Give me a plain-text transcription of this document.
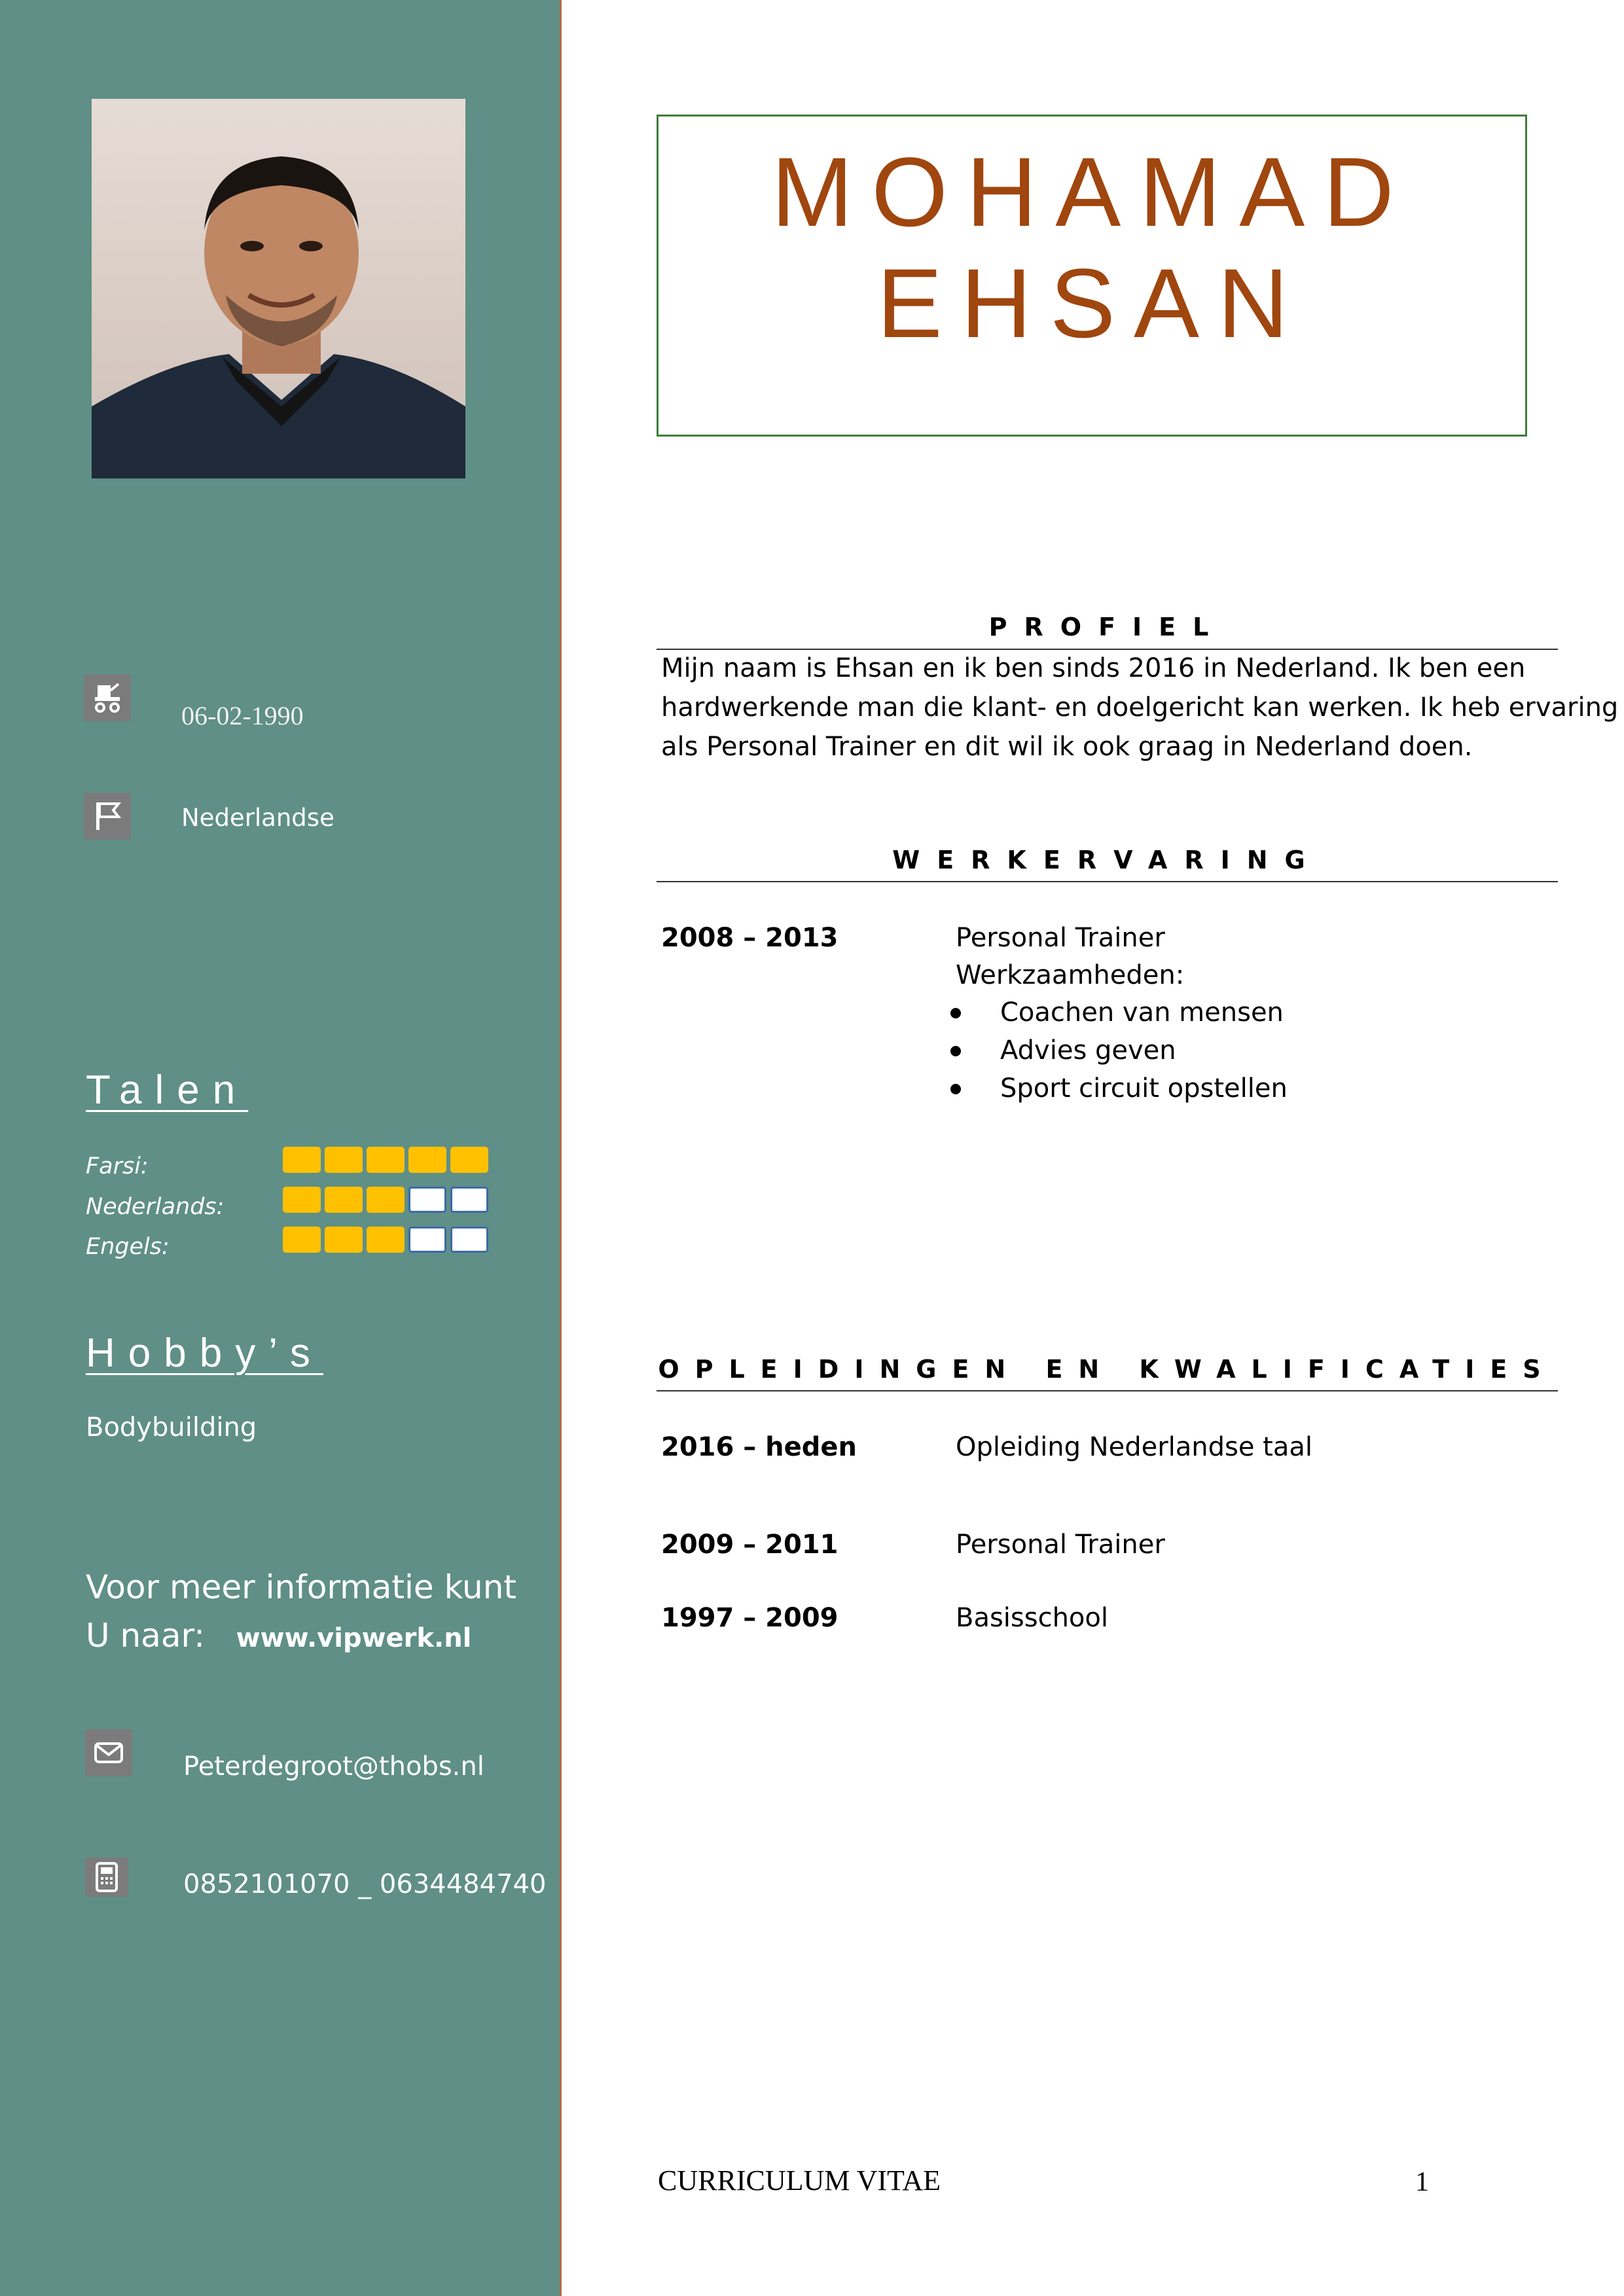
06-02-1990
Nederlandse
Talen
Farsi:
Nederlands:
Engels:
Hobby’s
Bodybuilding
Voor meer informatie kunt
U naar: www.vipwerk.nl
Peterdegroot@thobs.nl
0852101070 _ 0634484740
MOHAMAD
EHSAN
PROFIEL
Mijn naam is Ehsan en ik ben sinds 2016 in Nederland. Ik ben een
hardwerkende man die klant- en doelgericht kan werken. Ik heb ervaring
als Personal Trainer en dit wil ik ook graag in Nederland doen.
WERKERVARING
2008 – 2013	Personal Trainer
Werkzaamheden:
Coachen van mensen
Advies geven
Sport circuit opstellen
OPLEIDINGEN EN KWALIFICATIES
2016 – heden	Opleiding Nederlandse taal
2009 – 2011	Personal Trainer
1997 – 2009	Basisschool
CURRICULUM VITAE	1
